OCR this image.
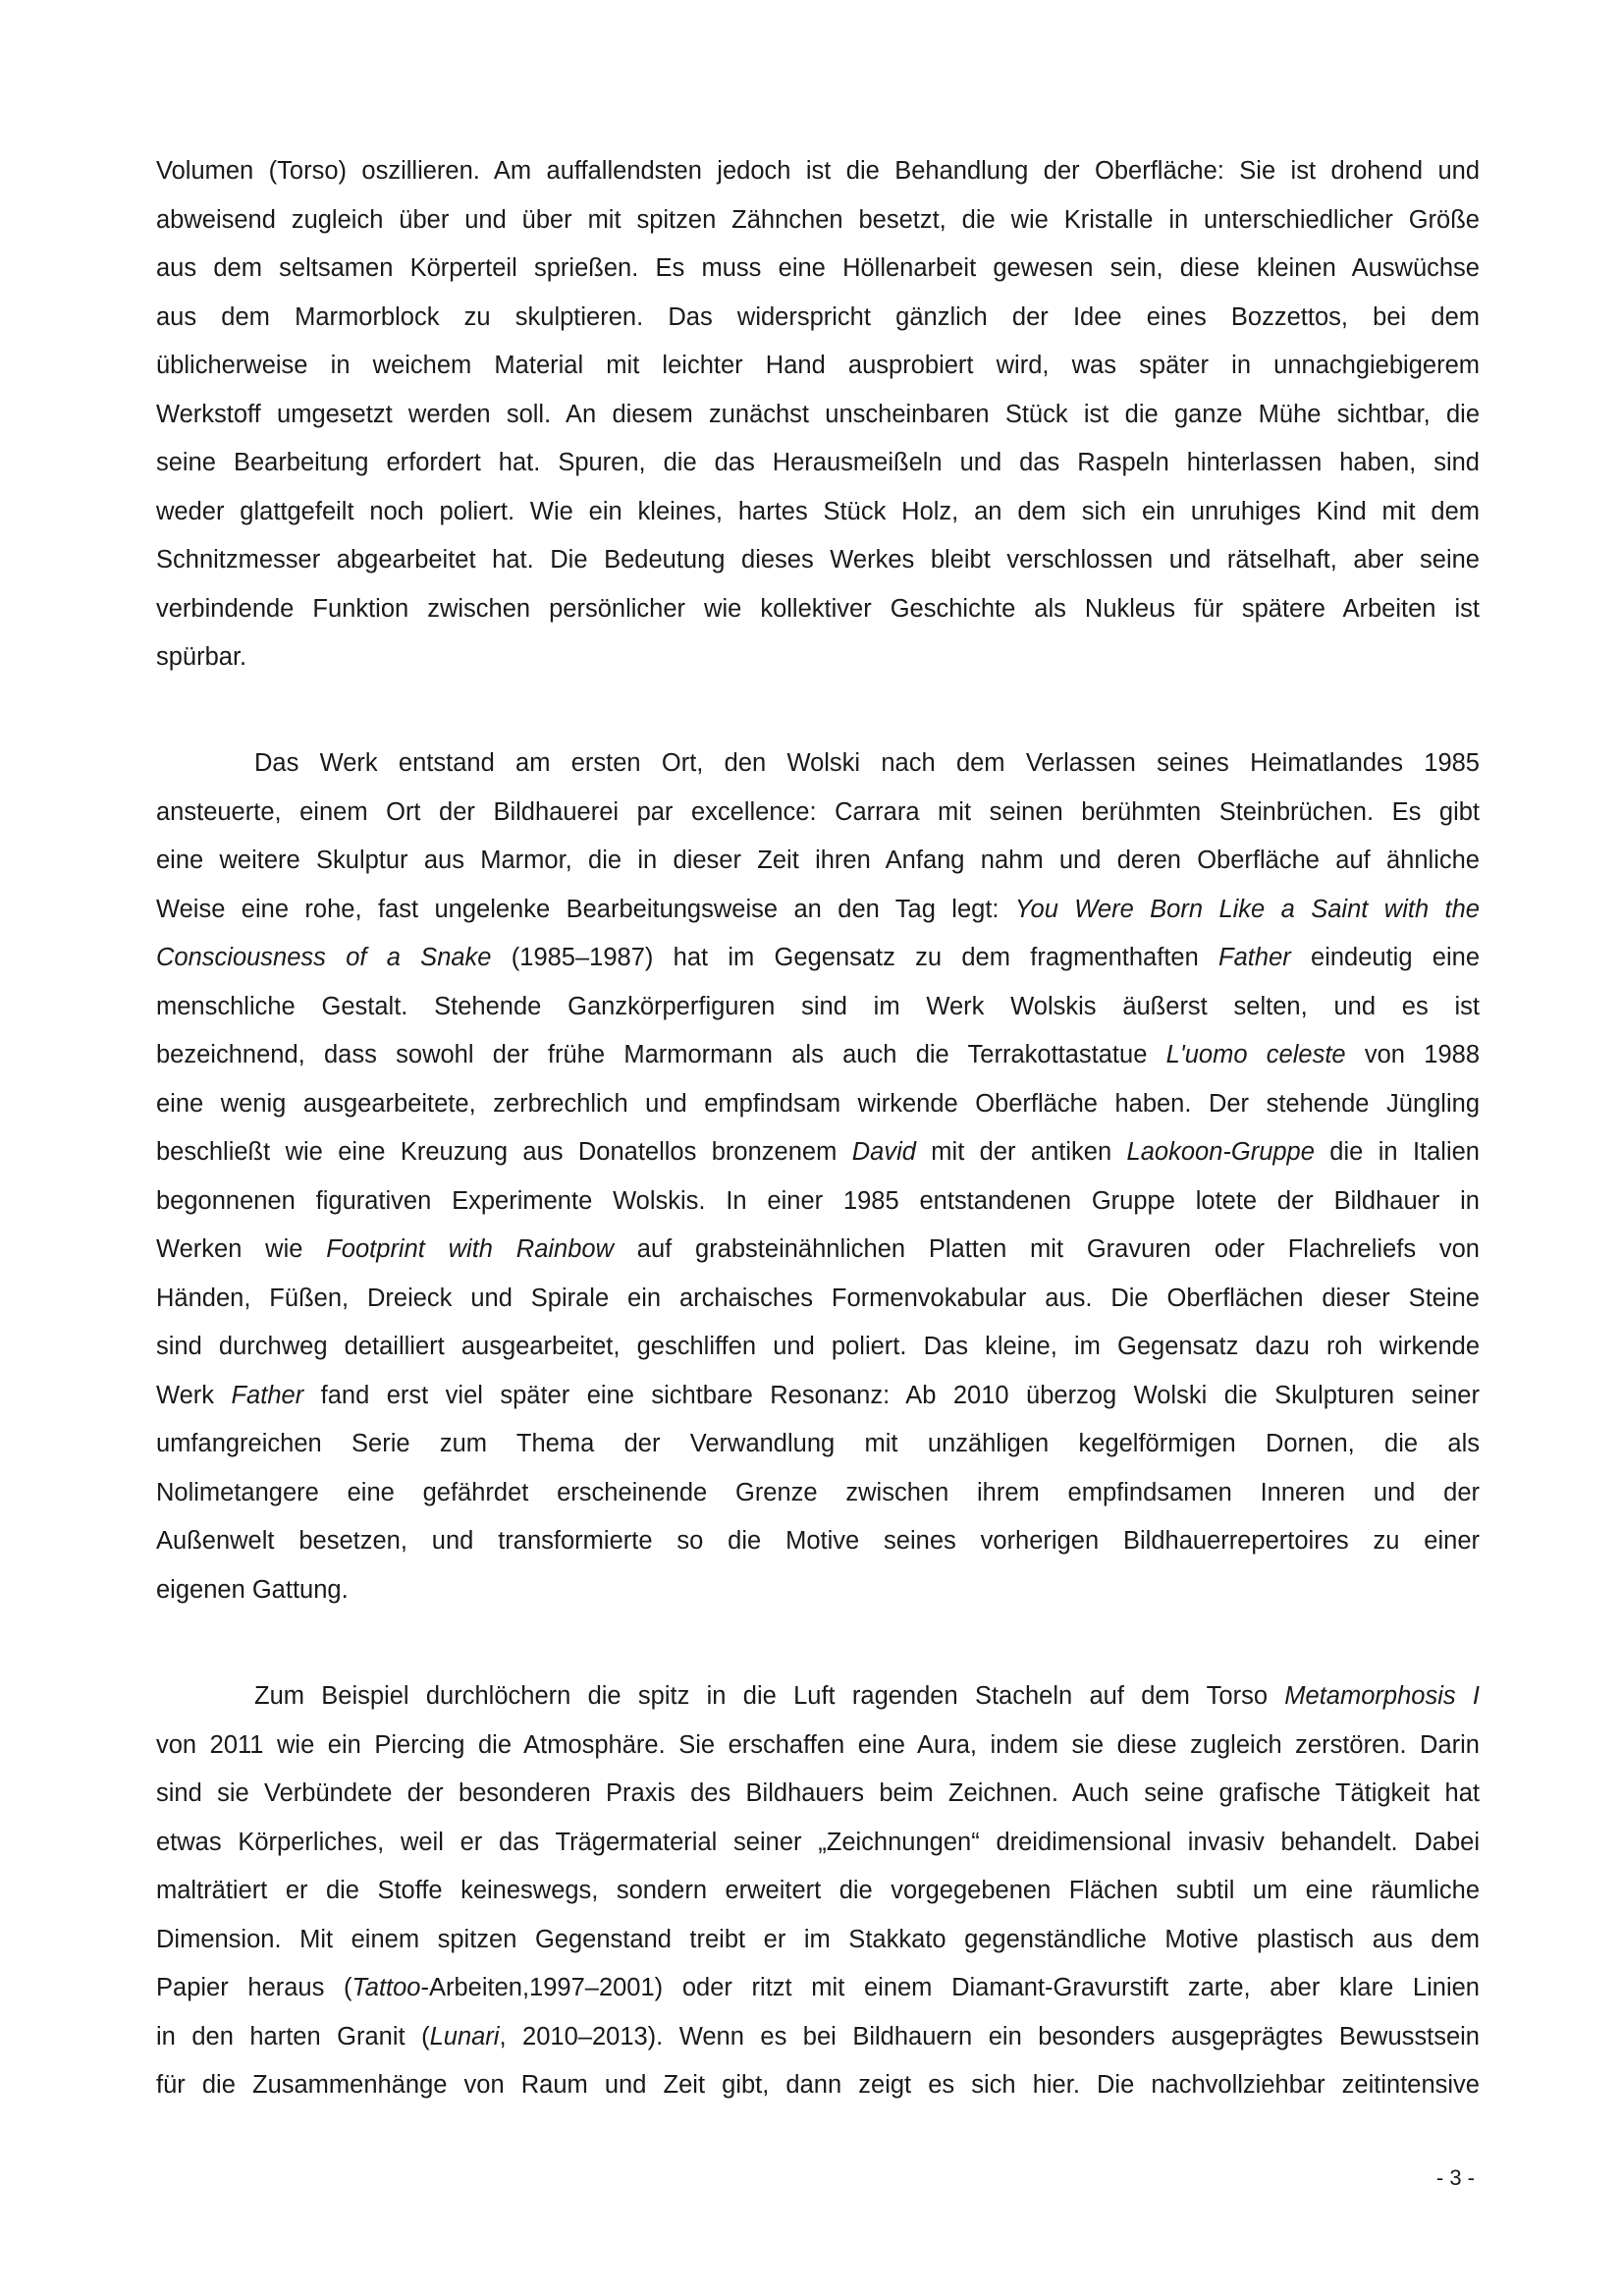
Volumen (Torso) oszillieren. Am auffallendsten jedoch ist die Behandlung der Oberfläche: Sie ist drohend und
abweisend zugleich über und über mit spitzen Zähnchen besetzt, die wie Kristalle in unterschiedlicher Größe
aus dem seltsamen Körperteil sprießen. Es muss eine Höllenarbeit gewesen sein, diese kleinen Auswüchse
aus dem Marmorblock zu skulptieren. Das widerspricht gänzlich der Idee eines Bozzettos, bei dem
üblicherweise in weichem Material mit leichter Hand ausprobiert wird, was später in unnachgiebigerem
Werkstoff umgesetzt werden soll. An diesem zunächst unscheinbaren Stück ist die ganze Mühe sichtbar, die
seine Bearbeitung erfordert hat. Spuren, die das Herausmeißeln und das Raspeln hinterlassen haben, sind
weder glattgefeilt noch poliert. Wie ein kleines, hartes Stück Holz, an dem sich ein unruhiges Kind mit dem
Schnitzmesser abgearbeitet hat. Die Bedeutung dieses Werkes bleibt verschlossen und rätselhaft, aber seine
verbindende Funktion zwischen persönlicher wie kollektiver Geschichte als Nukleus für spätere Arbeiten ist
spürbar.
Das Werk entstand am ersten Ort, den Wolski nach dem Verlassen seines Heimatlandes 1985
ansteuerte, einem Ort der Bildhauerei par excellence: Carrara mit seinen berühmten Steinbrüchen. Es gibt
eine weitere Skulptur aus Marmor, die in dieser Zeit ihren Anfang nahm und deren Oberfläche auf ähnliche
Weise eine rohe, fast ungelenke Bearbeitungsweise an den Tag legt: You Were Born Like a Saint with the
Consciousness of a Snake (1985–1987) hat im Gegensatz zu dem fragmenthaften Father eindeutig eine
menschliche Gestalt. Stehende Ganzkörperfiguren sind im Werk Wolskis äußerst selten, und es ist
bezeichnend, dass sowohl der frühe Marmormann als auch die Terrakottastatue L'uomo celeste von 1988
eine wenig ausgearbeitete, zerbrechlich und empfindsam wirkende Oberfläche haben. Der stehende Jüngling
beschließt wie eine Kreuzung aus Donatellos bronzenem David mit der antiken Laokoon-Gruppe die in Italien
begonnenen figurativen Experimente Wolskis. In einer 1985 entstandenen Gruppe lotete der Bildhauer in
Werken wie Footprint with Rainbow auf grabsteinähnlichen Platten mit Gravuren oder Flachreliefs von
Händen, Füßen, Dreieck und Spirale ein archaisches Formenvokabular aus. Die Oberflächen dieser Steine
sind durchweg detailliert ausgearbeitet, geschliffen und poliert. Das kleine, im Gegensatz dazu roh wirkende
Werk Father fand erst viel später eine sichtbare Resonanz: Ab 2010 überzog Wolski die Skulpturen seiner
umfangreichen Serie zum Thema der Verwandlung mit unzähligen kegelförmigen Dornen, die als
Nolimetangere eine gefährdet erscheinende Grenze zwischen ihrem empfindsamen Inneren und der
Außenwelt besetzen, und transformierte so die Motive seines vorherigen Bildhauerrepertoires zu einer
eigenen Gattung.
Zum Beispiel durchlöchern die spitz in die Luft ragenden Stacheln auf dem Torso Metamorphosis I
von 2011 wie ein Piercing die Atmosphäre. Sie erschaffen eine Aura, indem sie diese zugleich zerstören. Darin
sind sie Verbündete der besonderen Praxis des Bildhauers beim Zeichnen. Auch seine grafische Tätigkeit hat
etwas Körperliches, weil er das Trägermaterial seiner „Zeichnungen“ dreidimensional invasiv behandelt. Dabei
malträtiert er die Stoffe keineswegs, sondern erweitert die vorgegebenen Flächen subtil um eine räumliche
Dimension. Mit einem spitzen Gegenstand treibt er im Stakkato gegenständliche Motive plastisch aus dem
Papier heraus (Tattoo-Arbeiten,1997–2001) oder ritzt mit einem Diamant-Gravurstift zarte, aber klare Linien
in den harten Granit (Lunari, 2010–2013). Wenn es bei Bildhauern ein besonders ausgeprägtes Bewusstsein
für die Zusammenhänge von Raum und Zeit gibt, dann zeigt es sich hier. Die nachvollziehbar zeitintensive
- 3 -
